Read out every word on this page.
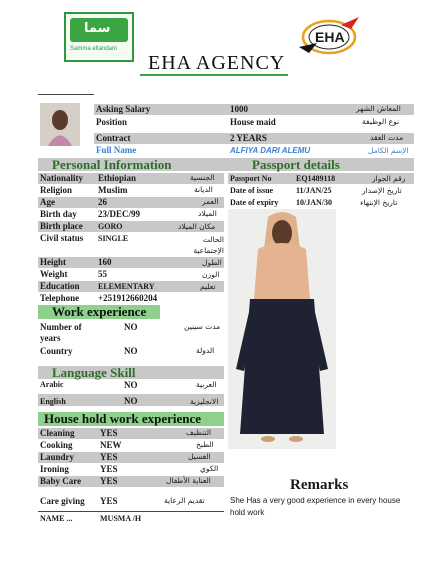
سما
Samma eltandani
EHA
EHA AGENCY
Asking Salary	1000	المعاش الشهر
Position	House maid	نوع الوظيفة
Contract	2 YEARS	مدت العقد
Full Name	ALFIYA DARI ALEMU	الإسم الكامل
Personal Information	Passport details
Nationality Ethiopian	الجنسية
Religion	Muslim	الديانة
Age	26	العمر
Birth day 23/DEC/99	الميلاد
Birth place GORO	مكان الميلاد
Civil status	SINGLE	الحالت الإجتماعية
Height	160	الطول
Weight	55	الوزن
Education ELEMENTARY	تعليم
Telephone +251912660204
Passport No	EQ1489118	رقم الجواز
Date of issue	11/JAN/25	تاريخ الإصدار
Date of expiry 10/JAN/30	تاريخ الإنتهاء
Work experience
Number of years
NO	مدت سينين
Country	NO	الدولة
Language Skill
Arabic	NO	العربية
English	NO	الانجليزية
House hold work experience
Cleaning	YES	التنظيف
Cooking	NEW	الطبخ
Laundry	YES	الغسيل
Ironing	YES	الكوي
Baby Care YES	العناية الأطفال
Care giving YES	تقديم الرعاية
Remarks
She Has a very good experience in every house hold work
NAME ...	MUSMA /H
